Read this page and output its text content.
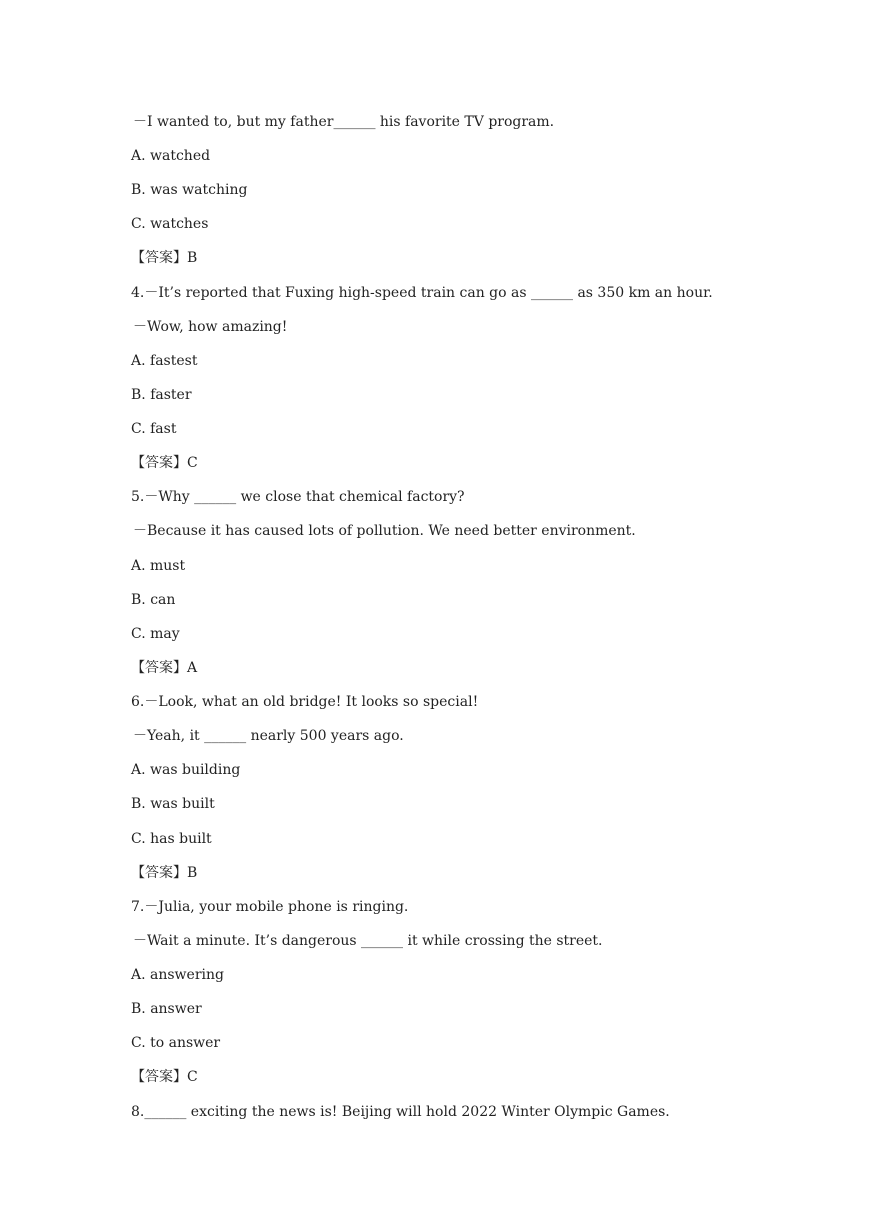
－I wanted to, but my father______ his favorite TV program.
A. watched
B. was watching
C. watches
【答案】B
4.－It’s reported that Fuxing high-speed train can go as ______ as 350 km an hour.
－Wow, how amazing!
A. fastest
B. faster
C. fast
【答案】C
5.－Why ______ we close that chemical factory?
－Because it has caused lots of pollution. We need better environment.
A. must
B. can
C. may
【答案】A
6.－Look, what an old bridge! It looks so special!
－Yeah, it ______ nearly 500 years ago.
A. was building
B. was built
C. has built
【答案】B
7.－Julia, your mobile phone is ringing.
－Wait a minute. It’s dangerous ______ it while crossing the street.
A. answering
B. answer
C. to answer
【答案】C
8.______ exciting the news is! Beijing will hold 2022 Winter Olympic Games.
